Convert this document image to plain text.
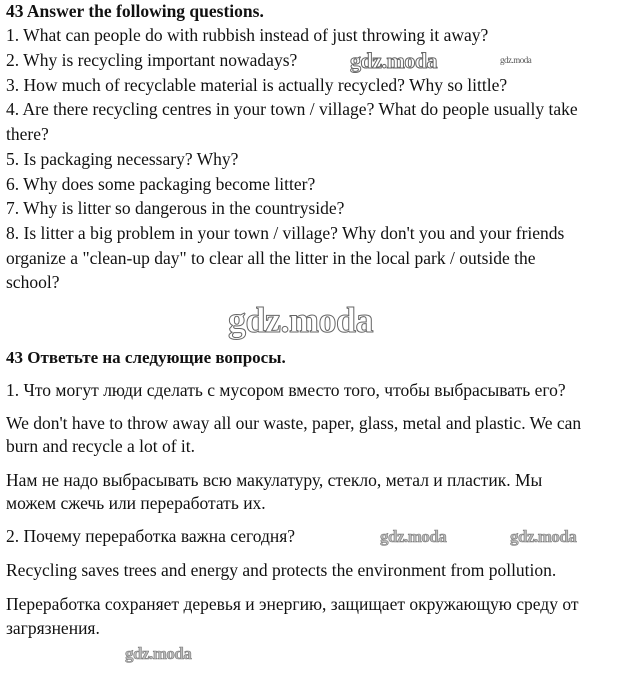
43 Answer the following questions.
1. What can people do with rubbish instead of just throwing it away?
2. Why is recycling important nowadays?
3. How much of recyclable material is actually recycled? Why so little?
4. Are there recycling centres in your town / village? What do people usually take
there?
5. Is packaging necessary? Why?
6. Why does some packaging become litter?
7. Why is litter so dangerous in the countryside?
8. Is litter a big problem in your town / village? Why don't you and your friends
organize a "clean-up day" to clear all the litter in the local park / outside the
school?
gdz.moda
gdz.moda
gdz.moda
43 Ответьте на следующие вопросы.
1. Что могут люди сделать с мусором вместо того, чтобы выбрасывать его?
We don't have to throw away all our waste, paper, glass, metal and plastic. We can
burn and recycle a lot of it.
Нам не надо выбрасывать всю макулатуру, стекло, метал и пластик. Мы
можем сжечь или переработать их.
2. Почему переработка важна сегодня?	gdz.moda	gdz.moda
Recycling saves trees and energy and protects the environment from pollution.
Переработка сохраняет деревья и энергию, защищает окружающую среду от
загрязнения.
gdz.moda
